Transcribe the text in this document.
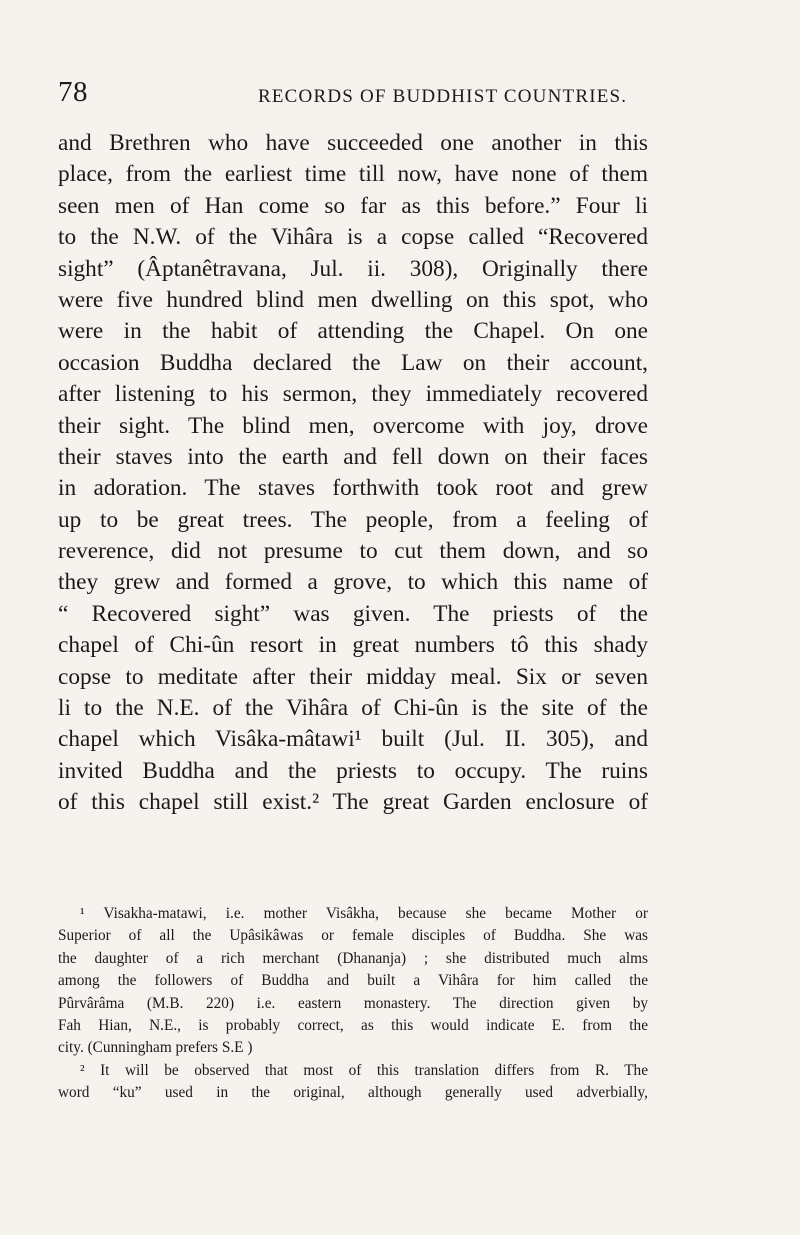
78	RECORDS OF BUDDHIST COUNTRIES.
and Brethren who have succeeded one another in this
place, from the earliest time till now, have none of them
seen men of Han come so far as this before.” Four li
to the N.W. of the Vihâra is a copse called “Recovered
sight” (Âptanêtravana, Jul. ii. 308), Originally there
were five hundred blind men dwelling on this spot, who
were in the habit of attending the Chapel. On one
occasion Buddha declared the Law on their account,
after listening to his sermon, they immediately recovered
their sight. The blind men, overcome with joy, drove
their staves into the earth and fell down on their faces
in adoration. The staves forthwith took root and grew
up to be great trees. The people, from a feeling of
reverence, did not presume to cut them down, and so
they grew and formed a grove, to which this name of
“ Recovered sight” was given. The priests of the
chapel of Chi-ûn resort in great numbers tô this shady
copse to meditate after their midday meal. Six or seven
li to the N.E. of the Vihâra of Chi-ûn is the site of the
chapel which Visâka-mâtawi¹ built (Jul. II. 305), and
invited Buddha and the priests to occupy. The ruins
of this chapel still exist.² The great Garden enclosure of
¹ Visakha-matawi, i.e. mother Visâkha, because she became Mother or
Superior of all the Upâsikâwas or female disciples of Buddha. She was
the daughter of a rich merchant (Dhananja) ; she distributed much alms
among the followers of Buddha and built a Vihâra for him called the
Pûrvârâma (M.B. 220) i.e. eastern monastery. The direction given by
Fah Hian, N.E., is probably correct, as this would indicate E. from the
city. (Cunningham prefers S.E )
² It will be observed that most of this translation differs from R. The
word “ku” used in the original, although generally used adverbially,
